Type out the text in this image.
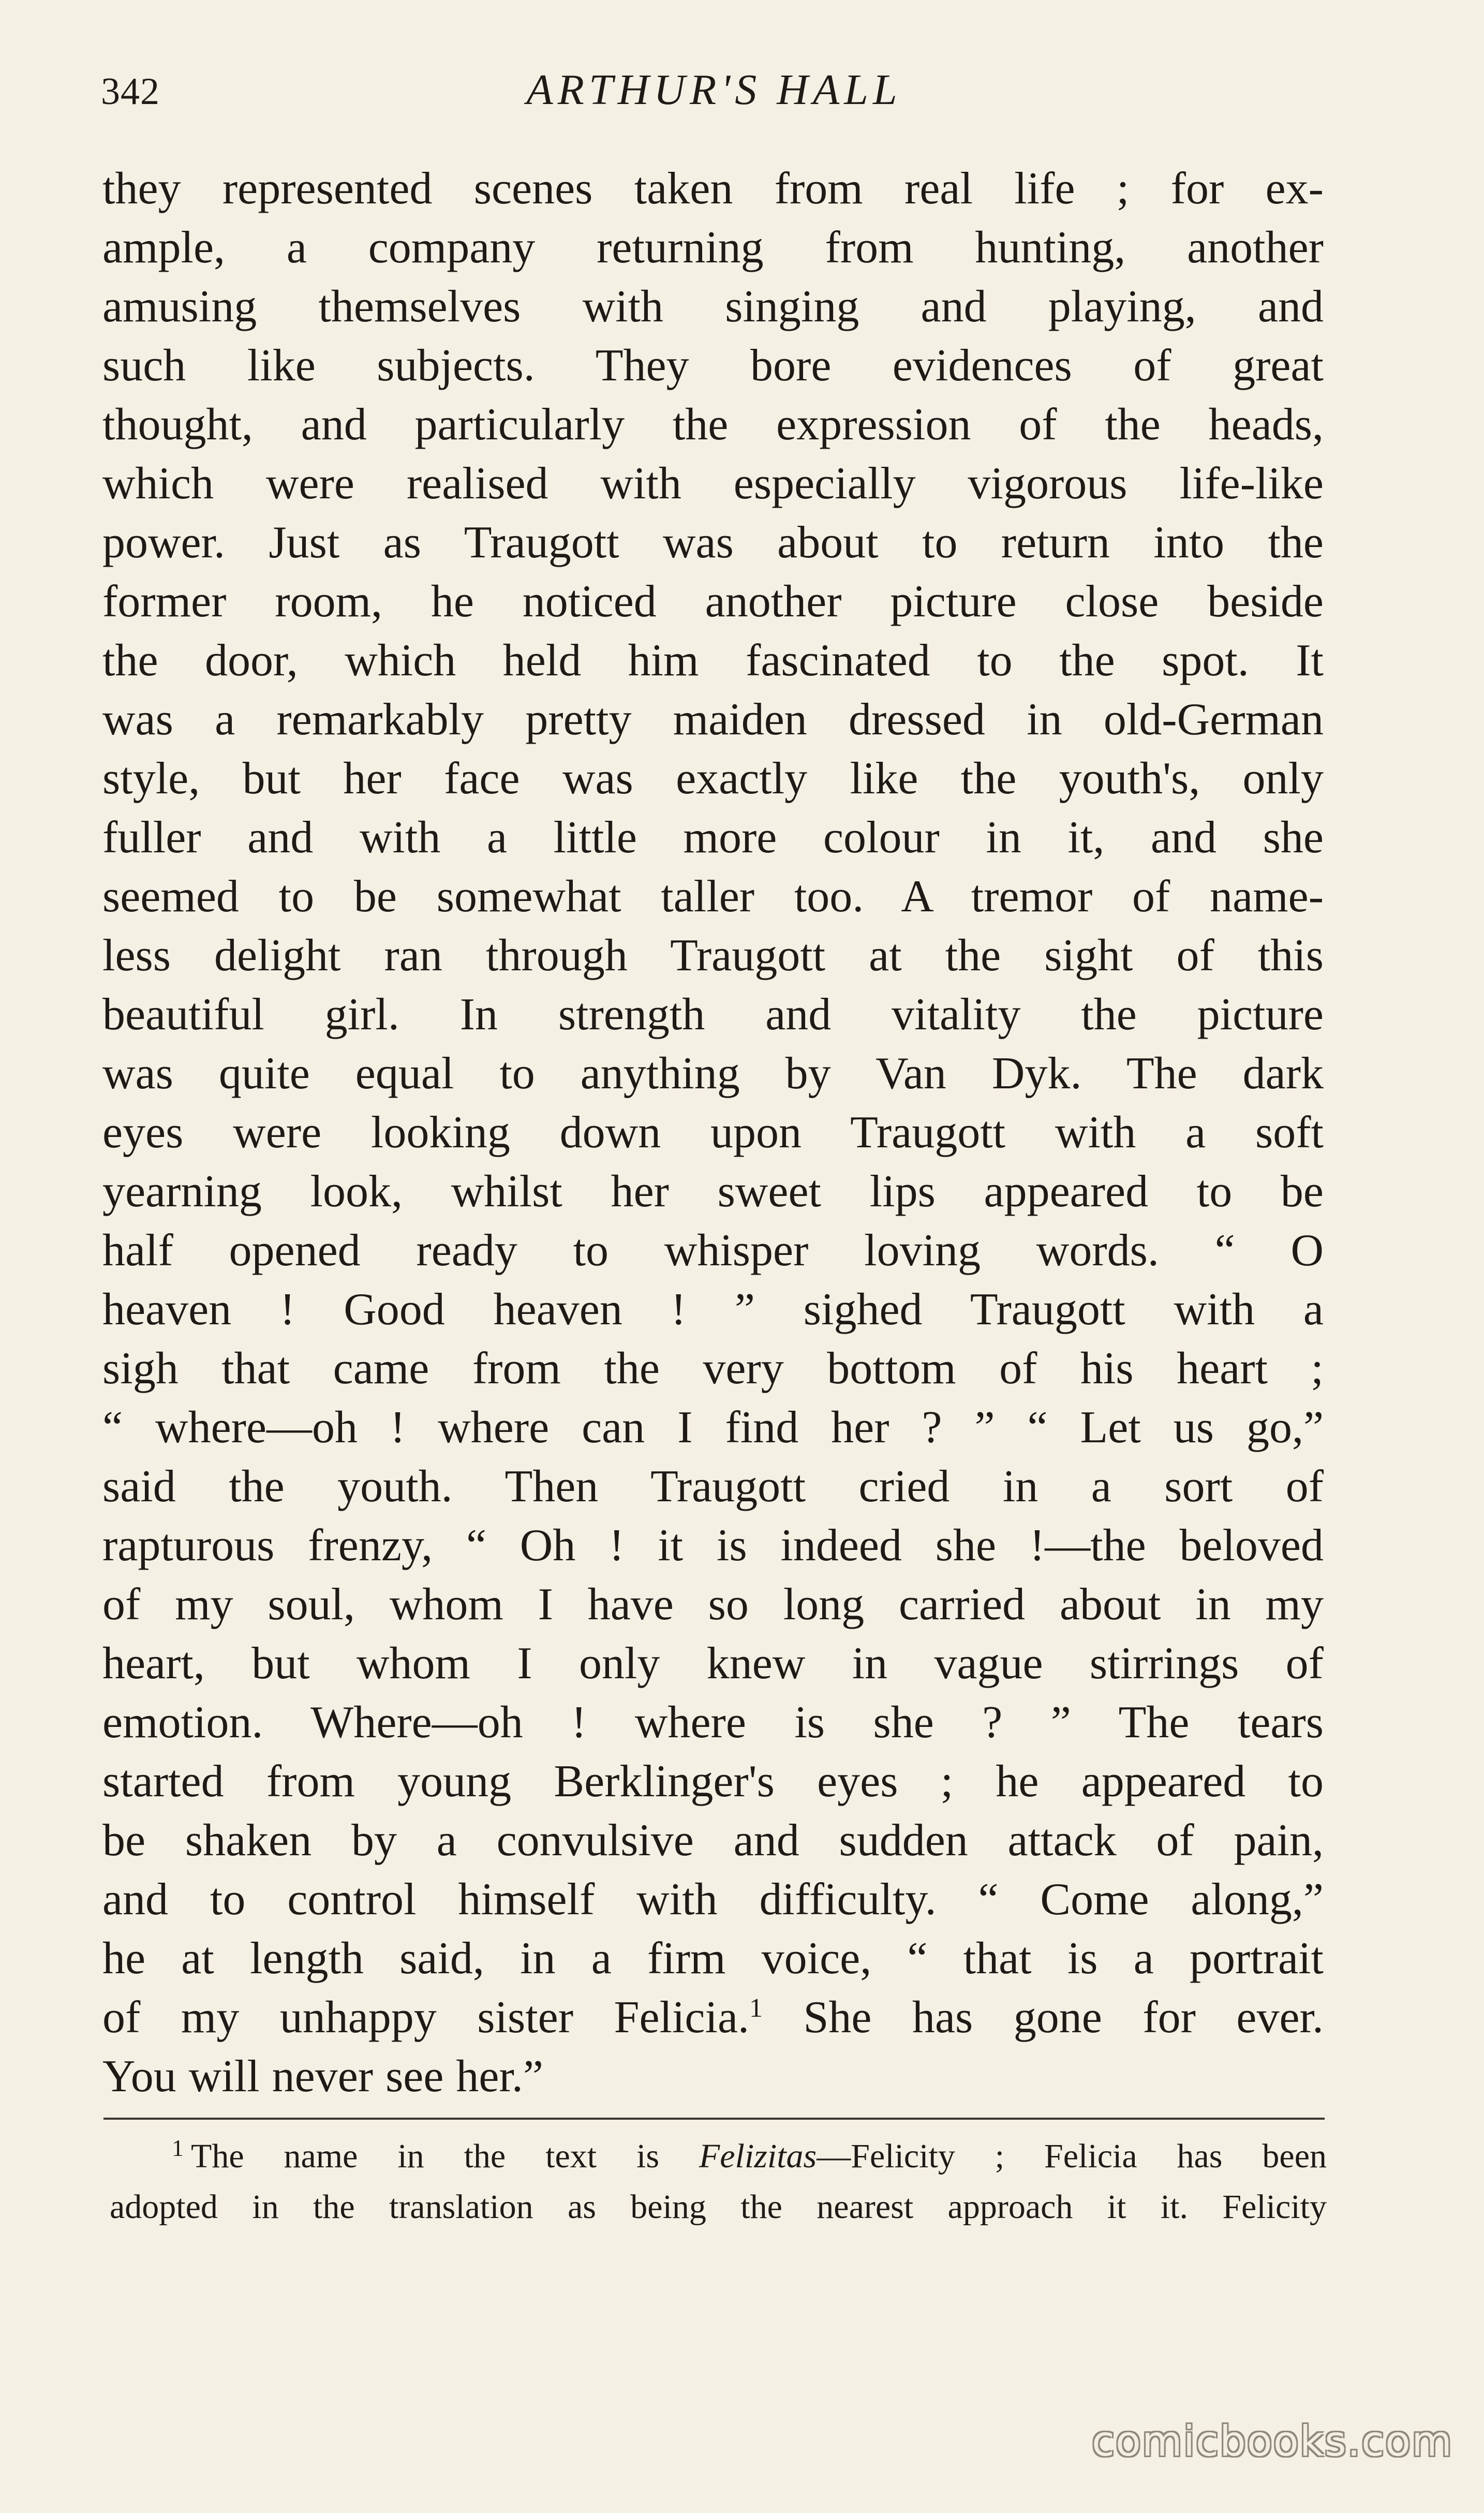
342	ARTHUR'S HALL
they represented scenes taken from real life ; for ex-
ample, a company returning from hunting, another
amusing themselves with singing and playing, and
such like subjects. They bore evidences of great
thought, and particularly the expression of the heads,
which were realised with especially vigorous life-like
power. Just as Traugott was about to return into the
former room, he noticed another picture close beside
the door, which held him fascinated to the spot. It
was a remarkably pretty maiden dressed in old-German
style, but her face was exactly like the youth's, only
fuller and with a little more colour in it, and she
seemed to be somewhat taller too. A tremor of name-
less delight ran through Traugott at the sight of this
beautiful girl. In strength and vitality the picture
was quite equal to anything by Van Dyk. The dark
eyes were looking down upon Traugott with a soft
yearning look, whilst her sweet lips appeared to be
half opened ready to whisper loving words. “ O
heaven ! Good heaven ! ” sighed Traugott with a
sigh that came from the very bottom of his heart ;
“ where—oh ! where can I find her ? ” “ Let us go,”
said the youth. Then Traugott cried in a sort of
rapturous frenzy, “ Oh ! it is indeed she !—the beloved
of my soul, whom I have so long carried about in my
heart, but whom I only knew in vague stirrings of
emotion. Where—oh ! where is she ? ” The tears
started from young Berklinger's eyes ; he appeared to
be shaken by a convulsive and sudden attack of pain,
and to control himself with difficulty. “ Come along,”
he at length said, in a firm voice, “ that is a portrait
of my unhappy sister Felicia.$^1$ She has gone for ever.
You will never see her.”
$^1$ The name in the text is Felizitas—Felicity ; Felicia has been
adopted in the translation as being the nearest approach it it. Felicity
comicbooks.com
